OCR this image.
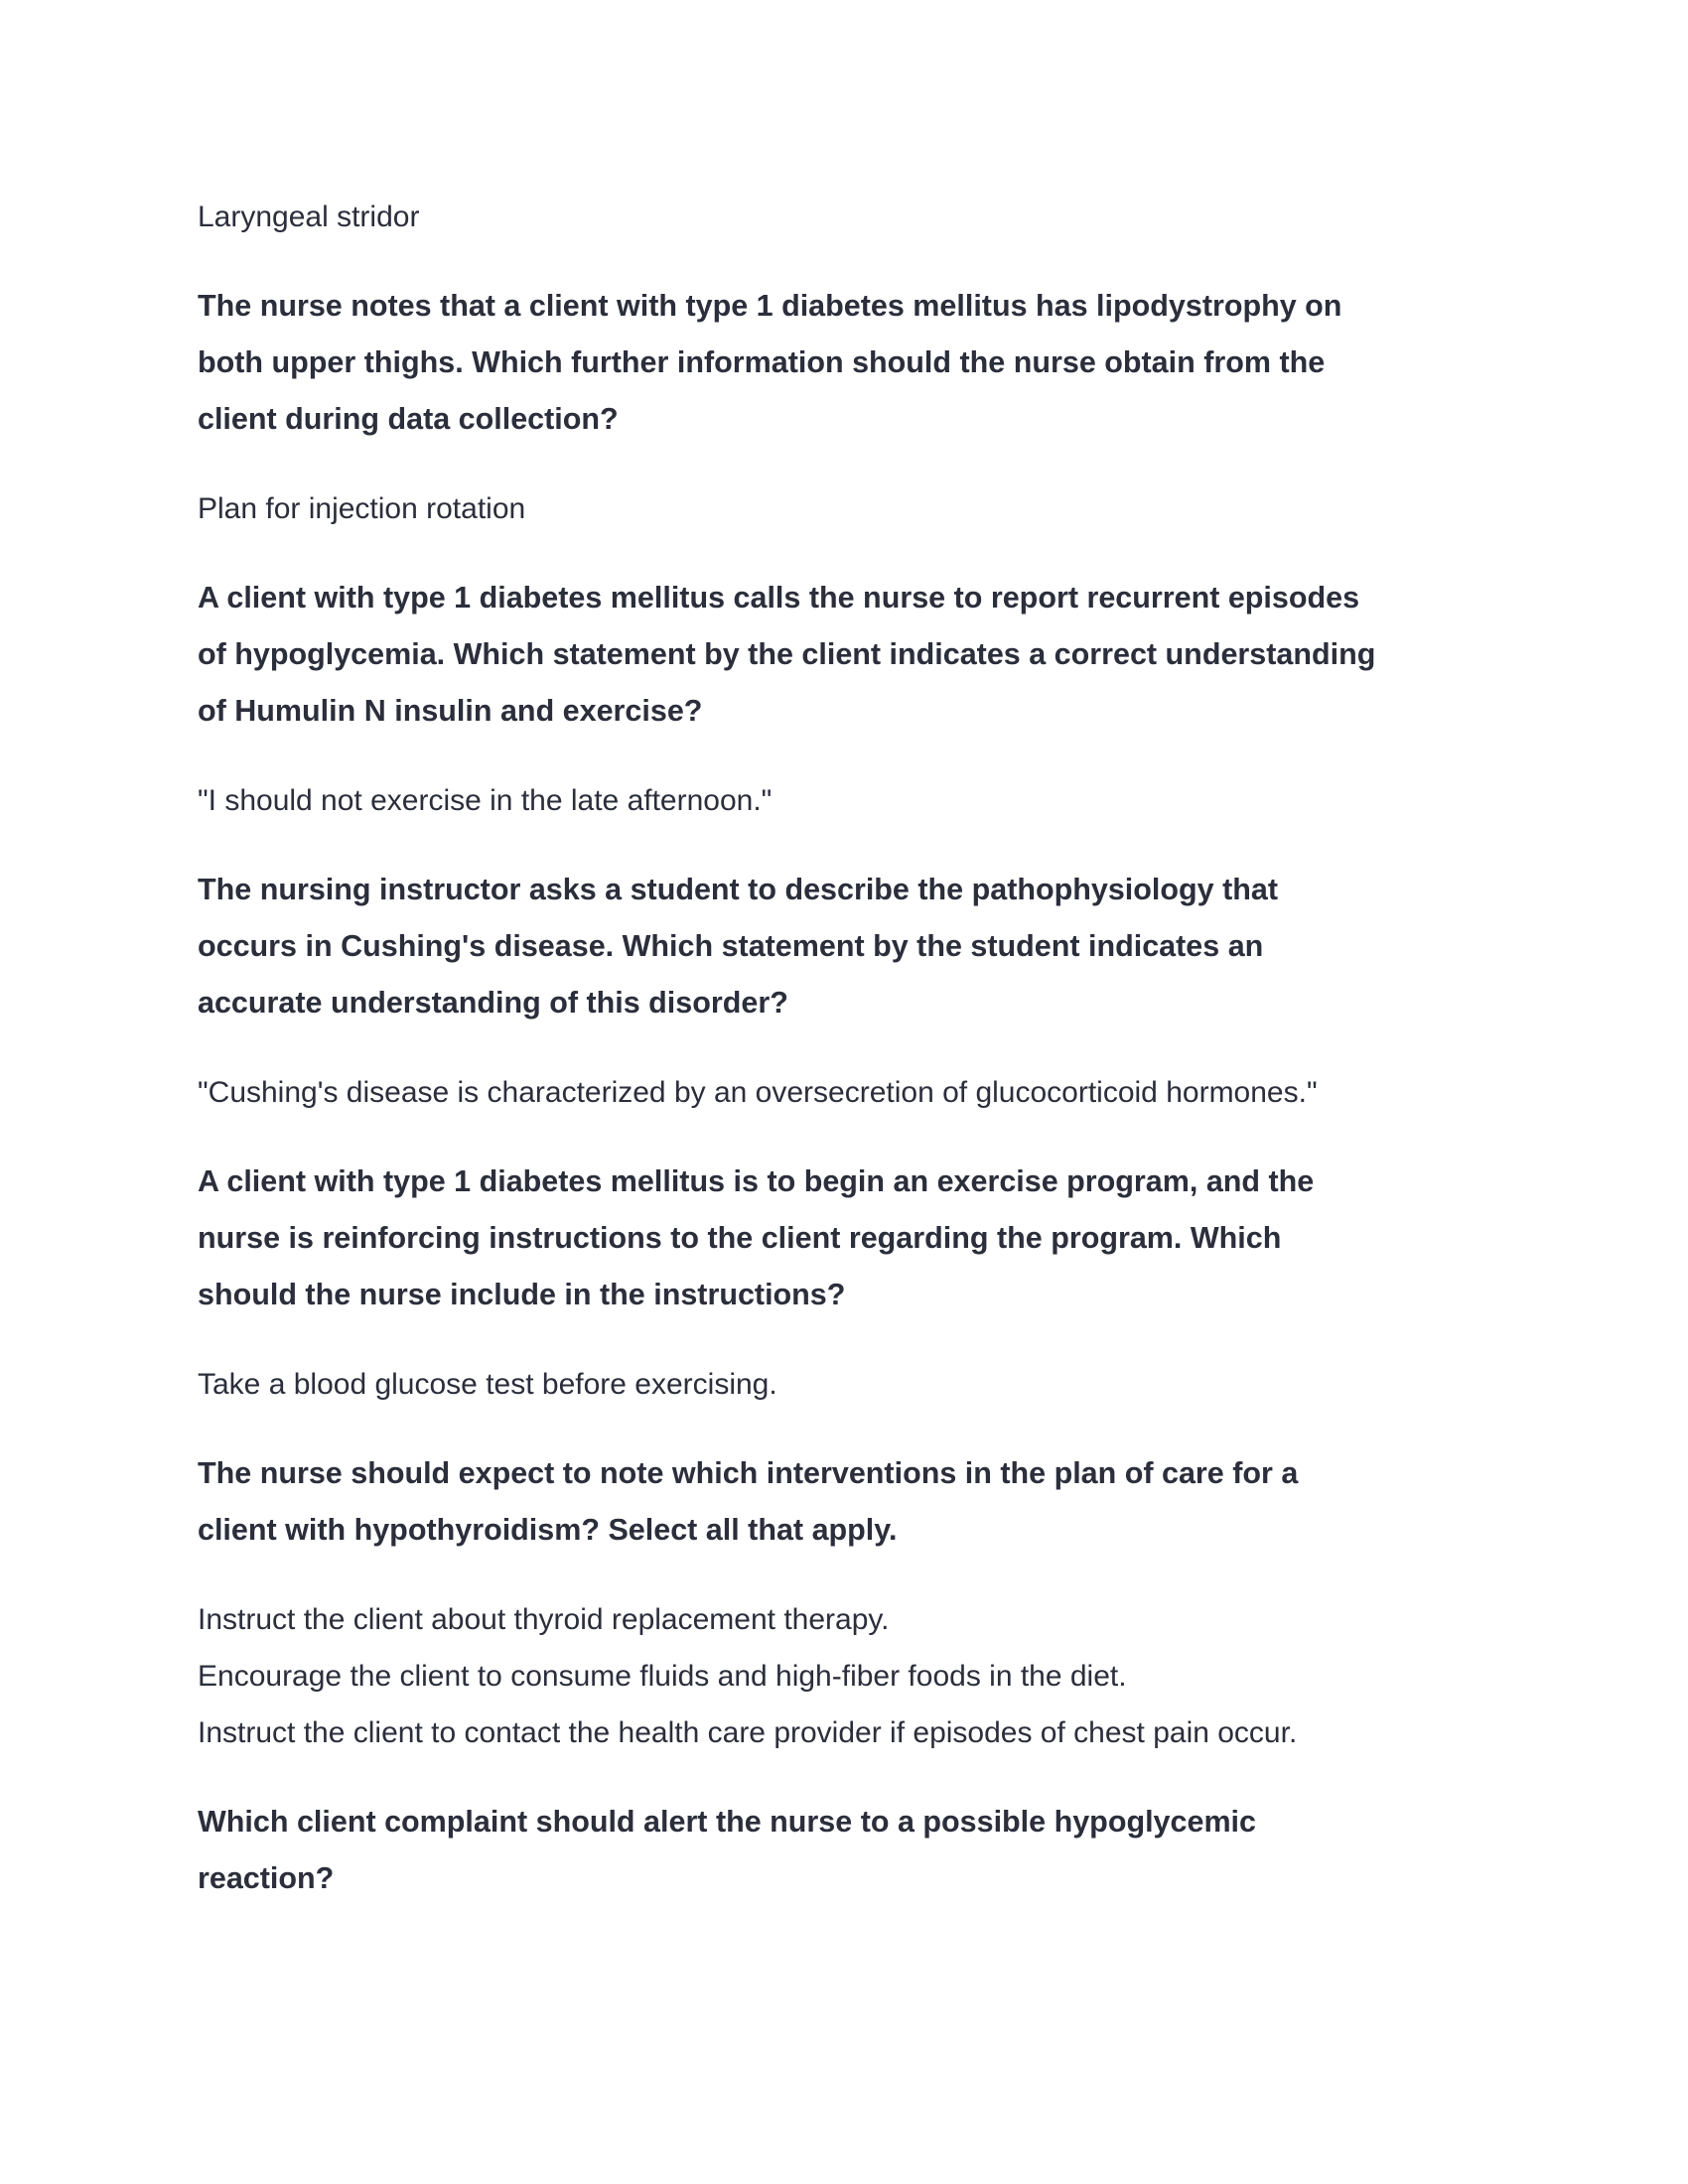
Laryngeal stridor
The nurse notes that a client with type 1 diabetes mellitus has lipodystrophy on
both upper thighs. Which further information should the nurse obtain from the
client during data collection?
Plan for injection rotation
A client with type 1 diabetes mellitus calls the nurse to report recurrent episodes
of hypoglycemia. Which statement by the client indicates a correct understanding
of Humulin N insulin and exercise?
"I should not exercise in the late afternoon."
The nursing instructor asks a student to describe the pathophysiology that
occurs in Cushing's disease. Which statement by the student indicates an
accurate understanding of this disorder?
"Cushing's disease is characterized by an oversecretion of glucocorticoid hormones."
A client with type 1 diabetes mellitus is to begin an exercise program, and the
nurse is reinforcing instructions to the client regarding the program. Which
should the nurse include in the instructions?
Take a blood glucose test before exercising.
The nurse should expect to note which interventions in the plan of care for a
client with hypothyroidism? Select all that apply.
Instruct the client about thyroid replacement therapy.
Encourage the client to consume fluids and high-fiber foods in the diet.
Instruct the client to contact the health care provider if episodes of chest pain occur.
Which client complaint should alert the nurse to a possible hypoglycemic
reaction?
